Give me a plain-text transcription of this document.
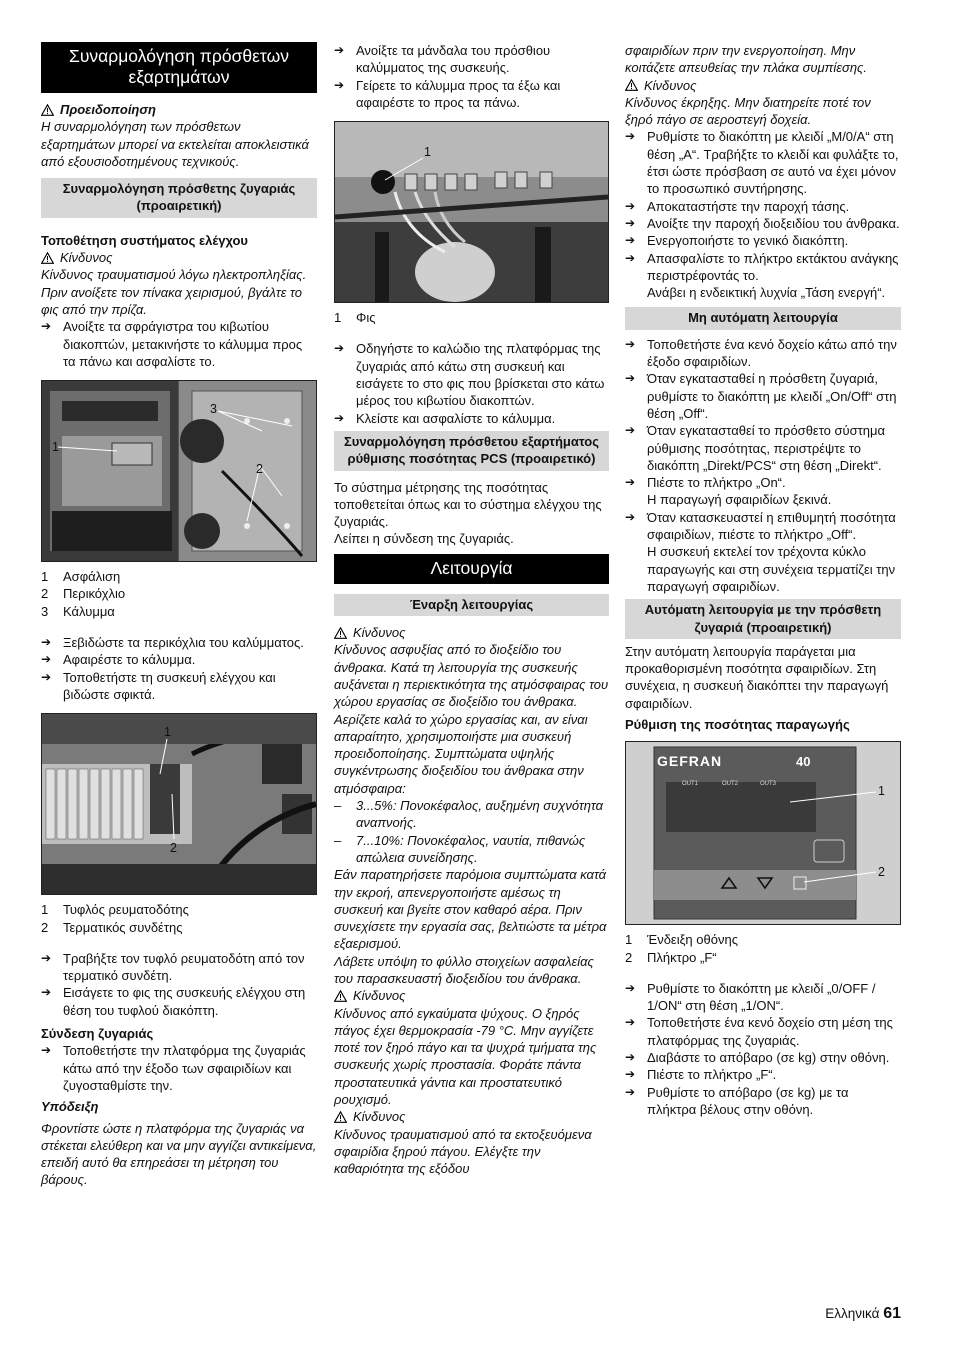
Συναρμολόγηση πρόσθετων εξαρτημάτων
Προειδοποίηση

Η συναρμολόγηση των πρόσθετων εξαρτημάτων μπορεί να εκτελείται αποκλειστικά από εξουσιοδοτημένους τεχνικούς.

Συναρμολόγηση πρόσθετης ζυγαριάς (προαιρετική)

Τοποθέτηση συστήματος ελέγχου

Κίνδυνος

Κίνδυνος τραυματισμού λόγω ηλεκτροπληξίας. Πριν ανοίξετε τον πίνακα χειρισμού, βγάλτε το φις από την πρίζα.

➔ Ανοίξτε τα σφράγιστρα του κιβωτίου διακοπτών, μετακινήστε το κάλυμμα προς τα πάνω και ασφαλίστε το.
1
3
2
1 Ασφάλιση
2 Περικόχλιο
3 Κάλυμμα
➔ Ξεβιδώστε τα περικόχλια του καλύμματος.
➔ Αφαιρέστε το κάλυμμα.
➔ Τοποθετήστε τη συσκευή ελέγχου και βιδώστε σφικτά.
1
2
1 Τυφλός ρευματοδότης
2 Τερματικός συνδέτης
➔ Τραβήξτε τον τυφλό ρευματοδότη από τον τερματικό συνδέτη.
➔ Εισάγετε το φις της συσκευής ελέγχου στη θέση του τυφλού διακόπτη.

Σύνδεση ζυγαριάς

➔ Τοποθετήστε την πλατφόρμα της ζυγαριάς κάτω από την έξοδο των σφαιριδίων και ζυγοσταθμίστε την.

Υπόδειξη

Φροντίστε ώστε η πλατφόρμα της ζυγαριάς να στέκεται ελεύθερη και να μην αγγίζει αντικείμενα, επειδή αυτό θα επηρεάσει τη μέτρηση του βάρους.

➔ Ανοίξτε τα μάνδαλα του πρόσθιου καλύμματος της συσκευής.
➔ Γείρετε το κάλυμμα προς τα έξω και αφαιρέστε το προς τα πάνω.
1
1 Φις
➔ Οδηγήστε το καλώδιο της πλατφόρμας της ζυγαριάς από κάτω στη συσκευή και εισάγετε το στο φις που βρίσκεται στο κάτω μέρος του κιβωτίου διακοπτών.
➔ Κλείστε και ασφαλίστε το κάλυμμα.
Συναρμολόγηση πρόσθετου εξαρτήματος ρύθμισης ποσότητας PCS (προαιρετικό)

Το σύστημα μέτρησης της ποσότητας τοποθετείται όπως και το σύστημα ελέγχου της ζυγαριάς.

Λείπει η σύνδεση της ζυγαριάς.

Λειτουργία
Έναρξη λειτουργίας
Κίνδυνος

Κίνδυνος ασφυξίας από το διοξείδιο του άνθρακα. Κατά τη λειτουργία της συσκευής αυξάνεται η περιεκτικότητα της ατμόσφαιρας του χώρου εργασίας σε διοξείδιο του άνθρακα. Αερίζετε καλά το χώρο εργασίας και, αν είναι απαραίτητο, χρησιμοποιήστε μια συσκευή προειδοποίησης. Συμπτώματα υψηλής συγκέντρωσης διοξειδίου του άνθρακα στην ατμόσφαιρα:

– 3...5%: Πονοκέφαλος, αυξημένη συχνότητα αναπνοής.
– 7...10%: Πονοκέφαλος, ναυτία, πιθανώς απώλεια συνείδησης.

Εάν παρατηρήσετε παρόμοια συμπτώματα κατά την εκροή, απενεργοποιήστε αμέσως τη συσκευή και βγείτε στον καθαρό αέρα. Πριν συνεχίσετε την εργασία σας, βελτιώστε τα μέτρα εξαερισμού.

Λάβετε υπόψη το φύλλο στοιχείων ασφαλείας του παρασκευαστή διοξειδίου του άνθρακα.

Κίνδυνος

Κίνδυνος από εγκαύματα ψύχους. Ο ξηρός πάγος έχει θερμοκρασία -79 °C. Μην αγγίζετε ποτέ τον ξηρό πάγο και τα ψυχρά τμήματα της συσκευής χωρίς προστασία. Φοράτε πάντα προστατευτικά γάντια και προστατευτικό ρουχισμό.

Κίνδυνος

Κίνδυνος τραυματισμού από τα εκτοξευόμενα σφαιρίδια ξηρού πάγου. Ελέγξτε την καθαριότητα της εξόδου

σφαιριδίων πριν την ενεργοποίηση. Μην κοιτάζετε απευθείας την πλάκα συμπίεσης.

Κίνδυνος

Κίνδυνος έκρηξης. Μην διατηρείτε ποτέ τον ξηρό πάγο σε αεροστεγή δοχεία.

➔ Ρυθμίστε το διακόπτη με κλειδί „M/0/A“ στη θέση „A“. Τραβήξτε το κλειδί και φυλάξτε το, έτσι ώστε πρόσβαση σε αυτό να έχει μόνον το προσωπικό συντήρησης.
➔ Αποκαταστήστε την παροχή τάσης.
➔ Ανοίξτε την παροχή διοξειδίου του άνθρακα.
➔ Ενεργοποιήστε το γενικό διακόπτη.
➔ Απασφαλίστε το πλήκτρο εκτάκτου ανάγκης περιστρέφοντάς το.

Ανάβει η ενδεικτική λυχνία „Τάση ενεργή“.

Μη αυτόματη λειτουργία
➔ Τοποθετήστε ένα κενό δοχείο κάτω από την έξοδο σφαιριδίων.
➔ Όταν εγκατασταθεί η πρόσθετη ζυγαριά, ρυθμίστε το διακόπτη με κλειδί „On/Off“ στη θέση „Off“.
➔ Όταν εγκατασταθεί το πρόσθετο σύστημα ρύθμισης ποσότητας, περιστρέψτε το διακόπτη „Direkt/PCS“ στη θέση „Direkt“.
➔ Πιέστε το πλήκτρο „On“.

Η παραγωγή σφαιριδίων ξεκινά.

➔ Όταν κατασκευαστεί η επιθυμητή ποσότητα σφαιριδίων, πιέστε το πλήκτρο „Off“.

Η συσκευή εκτελεί τον τρέχοντα κύκλο παραγωγής και στη συνέχεια τερματίζει την παραγωγή σφαιριδίων.

Αυτόματη λειτουργία με την πρόσθετη ζυγαριά (προαιρετική)

Στην αυτόματη λειτουργία παράγεται μια προκαθορισμένη ποσότητα σφαιριδίων. Στη συνέχεια, η συσκευή διακόπτει την παραγωγή σφαιριδίων.

Ρύθμιση της ποσότητας παραγωγής

GEFRAN	40
OUT1	OUT2	OUT3	1
2
1 Ένδειξη οθόνης
2 Πλήκτρο „F“
➔ Ρυθμίστε το διακόπτη με κλειδί „0/OFF / 1/ON“ στη θέση „1/ON“.
➔ Τοποθετήστε ένα κενό δοχείο στη μέση της πλατφόρμας της ζυγαριάς.
➔ Διαβάστε το απόβαρο (σε kg) στην οθόνη.
➔ Πιέστε το πλήκτρο „F“.
➔ Ρυθμίστε το απόβαρο (σε kg) με τα πλήκτρα βέλους στην οθόνη.
Ελληνικά 61
